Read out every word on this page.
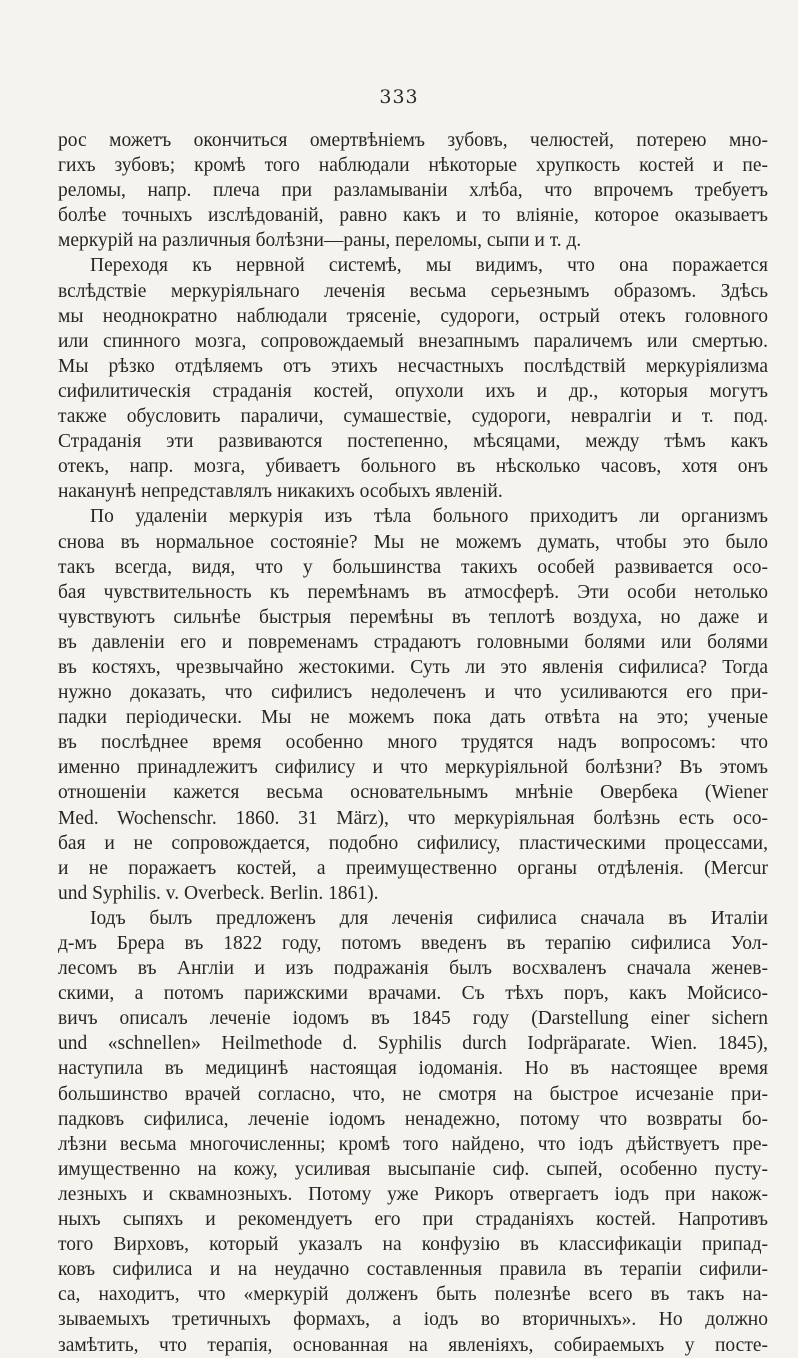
333
рос можетъ окончиться омертвѣніемъ зубовъ, челюстей, потерею мно-
гихъ зубовъ; кромѣ того наблюдали нѣкоторые хрупкость костей и пе-
реломы, напр. плеча при разламываніи хлѣба, что впрочемъ требуетъ
болѣе точныхъ изслѣдованій, равно какъ и то вліяніе, которое оказываетъ
меркурій на различныя болѣзни—раны, переломы, сыпи и т. д.
Переходя къ нервной системѣ, мы видимъ, что она поражается
вслѣдствіе меркуріяльнаго леченія весьма серьезнымъ образомъ. Здѣсь
мы неоднократно наблюдали трясеніе, судороги, острый отекъ головного
или спинного мозга, сопровождаемый внезапнымъ параличемъ или смертью.
Мы рѣзко отдѣляемъ отъ этихъ несчастныхъ послѣдствій меркуріялизма
сифилитическія страданія костей, опухоли ихъ и др., которыя могутъ
также обусловить параличи, сумашествіе, судороги, невралгіи и т. под.
Страданія эти развиваются постепенно, мѣсяцами, между тѣмъ какъ
отекъ, напр. мозга, убиваетъ больного въ нѣсколько часовъ, хотя онъ
наканунѣ непредставлялъ никакихъ особыхъ явленій.
По удаленіи меркурія изъ тѣла больного приходитъ ли организмъ
снова въ нормальное состояніе? Мы не можемъ думать, чтобы это было
такъ всегда, видя, что у большинства такихъ особей развивается осо-
бая чувствительность къ перемѣнамъ въ атмосферѣ. Эти особи нетолько
чувствуютъ сильнѣе быстрыя перемѣны въ теплотѣ воздуха, но даже и
въ давленіи его и повременамъ страдаютъ головными болями или болями
въ костяхъ, чрезвычайно жестокими. Суть ли это явленія сифилиса? Тогда
нужно доказать, что сифилисъ недолеченъ и что усиливаются его при-
падки періодически. Мы не можемъ пока дать отвѣта на это; ученые
въ послѣднее время особенно много трудятся надъ вопросомъ: что
именно принадлежитъ сифилису и что меркуріяльной болѣзни? Въ этомъ
отношеніи кажется весьма основательнымъ мнѣніе Овербека (Wiener
Med. Wochenschr. 1860. 31 März), что меркуріяльная болѣзнь есть осо-
бая и не сопровождается, подобно сифилису, пластическими процессами,
и не поражаетъ костей, а преимущественно органы отдѣленія. (Mercur
und Syphilis. v. Overbeck. Berlin. 1861).
Іодъ былъ предложенъ для леченія сифилиса сначала въ Италіи
д-мъ Брера въ 1822 году, потомъ введенъ въ терапію сифилиса Уол-
лесомъ въ Англіи и изъ подражанія былъ восхваленъ сначала женев-
скими, а потомъ парижскими врачами. Съ тѣхъ поръ, какъ Мойсисо-
вичъ описалъ леченіе іодомъ въ 1845 году (Darstellung einer sichern
und «schnellen» Heilmethode d. Syphilis durch Iodpräparate. Wien. 1845),
наступила въ медицинѣ настоящая іодоманія. Но въ настоящее время
большинство врачей согласно, что, не смотря на быстрое исчезаніе при-
падковъ сифилиса, леченіе іодомъ ненадежно, потому что возвраты бо-
лѣзни весьма многочисленны; кромѣ того найдено, что іодъ дѣйствуетъ пре-
имущественно на кожу, усиливая высыпаніе сиф. сыпей, особенно пусту-
лезныхъ и сквамнозныхъ. Потому уже Рикоръ отвергаетъ іодъ при накож-
ныхъ сыпяхъ и рекомендуетъ его при страданіяхъ костей. Напротивъ
того Вирховъ, который указалъ на конфузію въ классификаціи припад-
ковъ сифилиса и на неудачно составленныя правила въ терапіи сифили-
са, находитъ, что «меркурій долженъ быть полезнѣе всего въ такъ на-
зываемыхъ третичныхъ формахъ, а іодъ во вторичныхъ». Но должно
замѣтить, что терапія, основанная на явленіяхъ, собираемыхъ у посте-
